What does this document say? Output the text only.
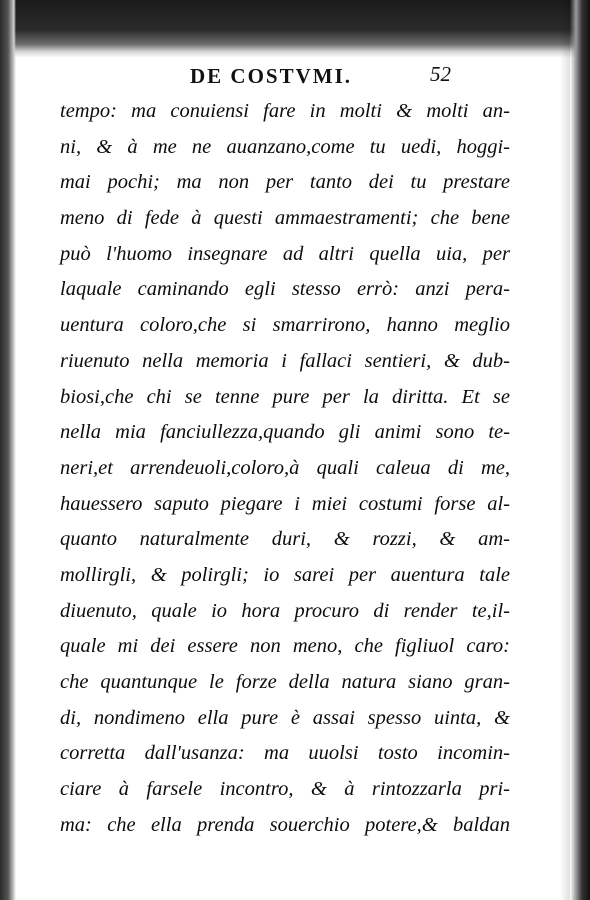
DE COSTVMI.	52
tempo: ma conuiensi fare in molti & molti an-
ni, & à me ne auanzano,come tu uedi, hoggi-
mai pochi; ma non per tanto dei tu prestare
meno di fede à questi ammaestramenti; che bene
può l'huomo insegnare ad altri quella uia, per
laquale caminando egli stesso errò: anzi pera-
uentura coloro,che si smarrirono, hanno meglio
riuenuto nella memoria i fallaci sentieri, & dub-
biosi,che chi se tenne pure per la diritta. Et se
nella mia fanciullezza,quando gli animi sono te-
neri,et arrendeuoli,coloro,à quali caleua di me,
hauessero saputo piegare i miei costumi forse al-
quanto naturalmente duri, & rozzi, & am-
mollirgli, & polirgli; io sarei per auentura tale
diuenuto, quale io hora procuro di render te,il-
quale mi dei essere non meno, che figliuol caro:
che quantunque le forze della natura siano gran-
di, nondimeno ella pure è assai spesso uinta, &
corretta dall'usanza: ma uuolsi tosto incomin-
ciare à farsele incontro, & à rintozzarla pri-
ma: che ella prenda souerchio potere,& baldan
